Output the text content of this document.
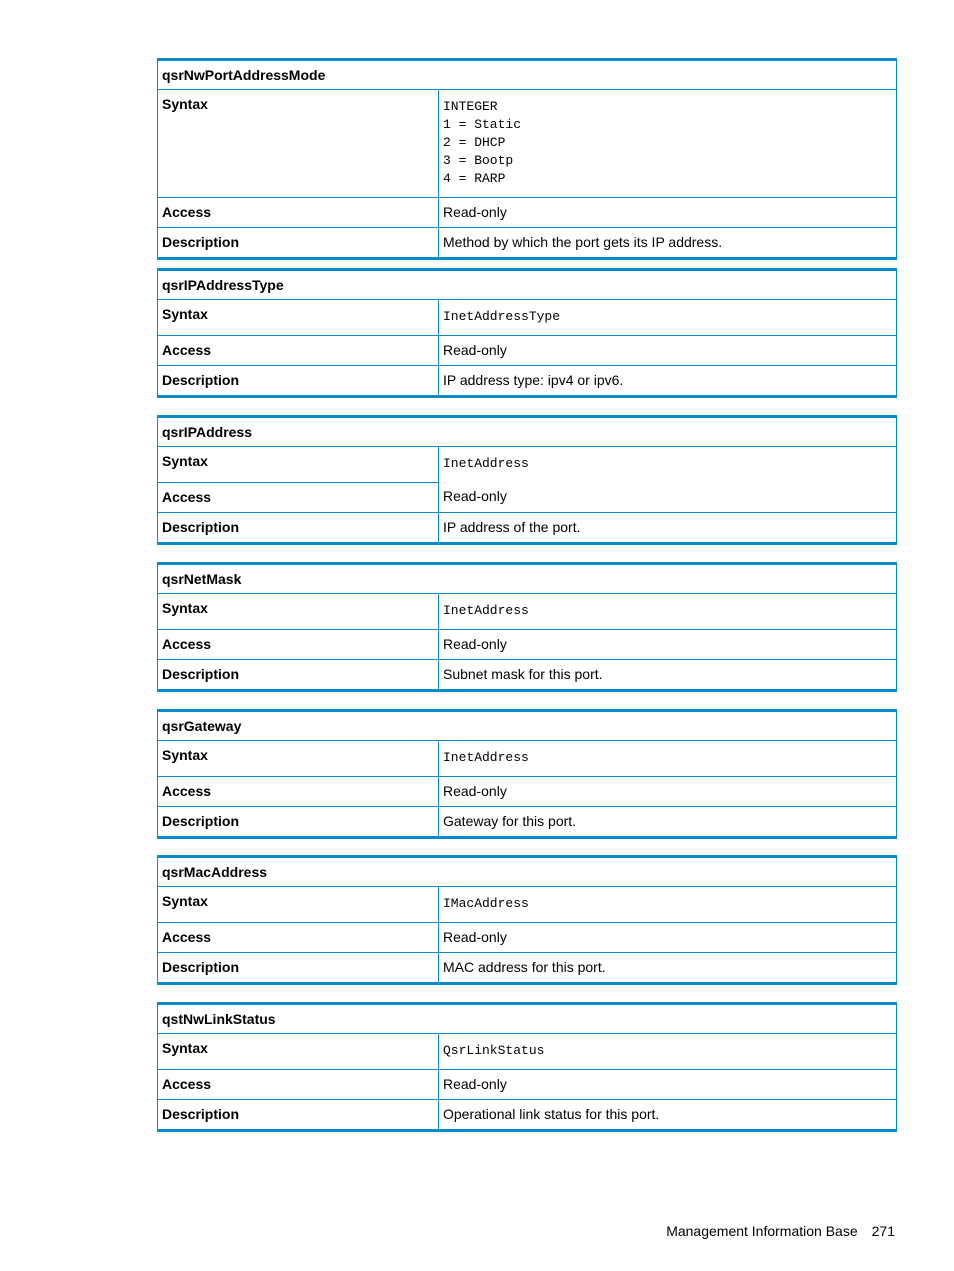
qsrNwPortAddressMode	
Syntax	INTEGER
1 = Static
2 = DHCP
3 = Bootp
4 = RARP
Access	Read-only
Description	Method by which the port gets its IP address.
qsrIPAddressType	
Syntax	InetAddressType
Access	Read-only
Description	IP address type: ipv4 or ipv6.
qsrIPAddress	
Syntax	InetAddress
Access	Read-only
Description	IP address of the port.
qsrNetMask	
Syntax	InetAddress
Access	Read-only
Description	Subnet mask for this port.
qsrGateway	
Syntax	InetAddress
Access	Read-only
Description	Gateway for this port.
qsrMacAddress	
Syntax	IMacAddress
Access	Read-only
Description	MAC address for this port.
qstNwLinkStatus	
Syntax	QsrLinkStatus
Access	Read-only
Description	Operational link status for this port.
Management Information Base 271
